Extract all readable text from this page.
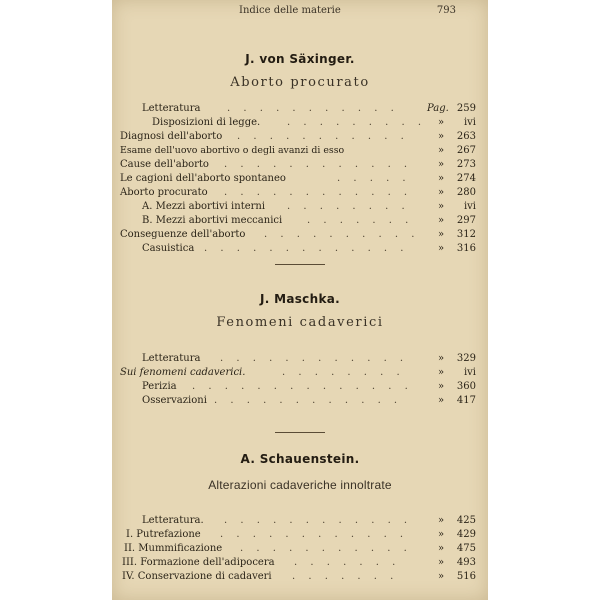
Indice delle materie	793
J. von Säxinger.
Aborto procurato
Letteratura	. . . . . . . . . . .	Pag. 259
Disposizioni di legge.	. . . . . . . . . » ivi
Diagnosi dell'aborto . . . . . . . . . . .	» 263
Esame dell'uovo abortivo o degli avanzi di esso	» 267
Cause dell'aborto . . . . . . . . . . . .	» 273
Le cagioni dell'aborto spontaneo	. . . . .	» 274
Aborto procurato . . . . . . . . . . . .	» 280
A. Mezzi abortivi interni . . . . . . . .	» ivi
B. Mezzi abortivi meccanici . . . . . . .	» 297
Conseguenze dell'aborto . . . . . . . . . .	» 312
Casuistica . . . . . . . . . . . . .	» 316
J. Maschka.
Fenomeni cadaverici
Letteratura . . . . . . . . . . . .	» 329
Sui fenomeni cadaverici.	. . . . . . . .	» ivi
Perizia . . . . . . . . . . . . . .	» 360
Osservazioni . . . . . . . . . . . .	» 417
A. Schauenstein.
Alterazioni cadaveriche innoltrate
Letteratura. . . . . . . . . . . . .	» 425
I. Putrefazione . . . . . . . . . . . .	» 429
II. Mummificazione . . . . . . . . . . .	» 475
III. Formazione dell'adipocera . . . . . . .	» 493
IV. Conservazione di cadaveri . . . . . . .	» 516
